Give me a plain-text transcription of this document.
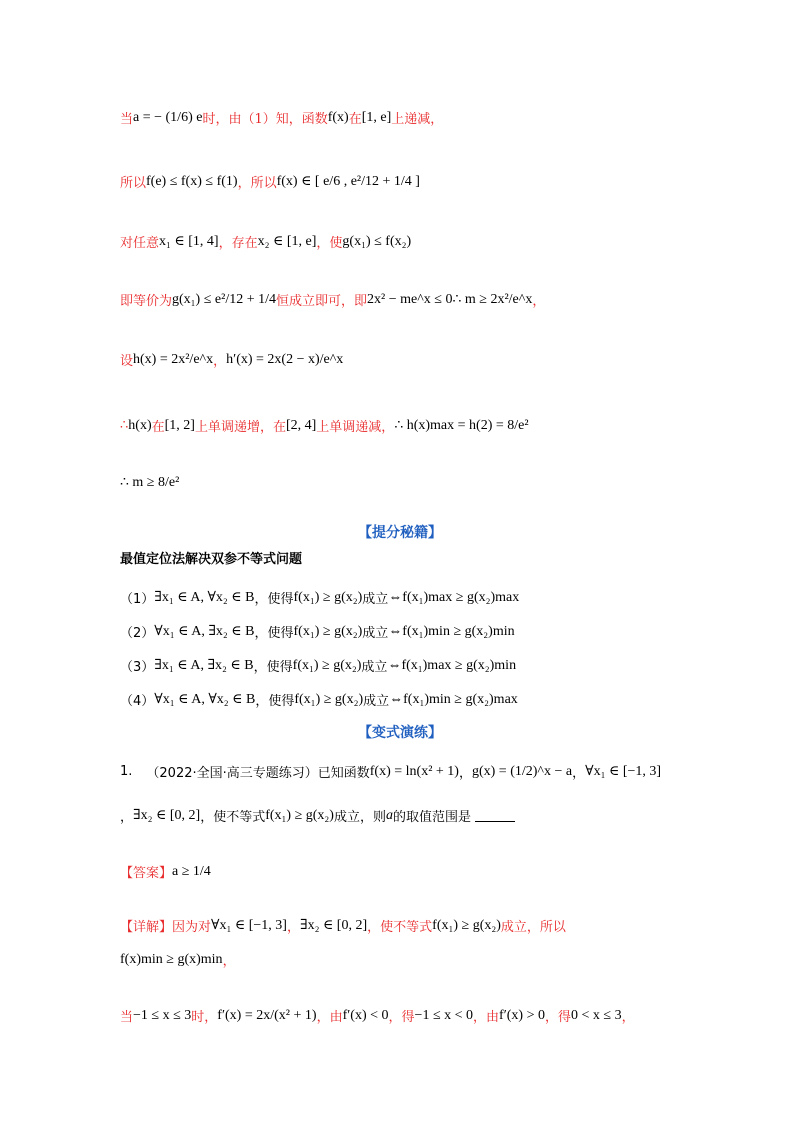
当 a = − (1/6) e 时，由（1）知，函数 f(x) 在 [1, e] 上递减，
所以 f(e) ≤ f(x) ≤ f(1) ，所以 f(x) ∈ [ e/6 , e²/12 + 1/4 ]
对任意 x₁ ∈ [1, 4] ，存在 x₂ ∈ [1, e] ，使 g(x₁) ≤ f(x₂)
即等价为 g(x₁) ≤ e²/12 + 1/4 恒成立即可，即 2x² − me^x ≤ 0 ∴ m ≥ 2x²/e^x ，
设 h(x) = 2x²/e^x ， h′(x) = 2x(2 − x)/e^x
∴ h(x) 在 [1, 2] 上单调递增，在 [2, 4] 上单调递减， ∴ h(x)max = h(2) = 8/e²
∴ m ≥ 8/e²
【提分秘籍】
最值定位法解决双参不等式问题
（1） ∃x₁ ∈ A, ∀x₂ ∈ B ，使得 f(x₁) ≥ g(x₂) 成立 ⇔ f(x₁)max ≥ g(x₂)max
（2） ∀x₁ ∈ A, ∃x₂ ∈ B ，使得 f(x₁) ≥ g(x₂) 成立 ⇔ f(x₁)min ≥ g(x₂)min
（3） ∃x₁ ∈ A, ∃x₂ ∈ B ，使得 f(x₁) ≥ g(x₂) 成立 ⇔ f(x₁)max ≥ g(x₂)min
（4） ∀x₁ ∈ A, ∀x₂ ∈ B ，使得 f(x₁) ≥ g(x₂) 成立 ⇔ f(x₁)min ≥ g(x₂)max
【变式演练】
1. （2022·全国·高三专题练习）已知函数 f(x) = ln(x² + 1) ， g(x) = (1/2)^x − a ， ∀x₁ ∈ [−1, 3]
， ∃x₂ ∈ [0, 2] ，使不等式 f(x₁) ≥ g(x₂) 成立，则 a 的取值范围是
【答案】 a ≥ 1/4
【详解】 因为对 ∀x₁ ∈ [−1, 3] ， ∃x₂ ∈ [0, 2] ，使不等式 f(x₁) ≥ g(x₂) 成立，所以
f(x)min ≥ g(x)min ，
当 −1 ≤ x ≤ 3 时， f′(x) = 2x/(x² + 1) ，由 f′(x) < 0 ，得 −1 ≤ x < 0 ，由 f′(x) > 0 ，得 0 < x ≤ 3 ，
